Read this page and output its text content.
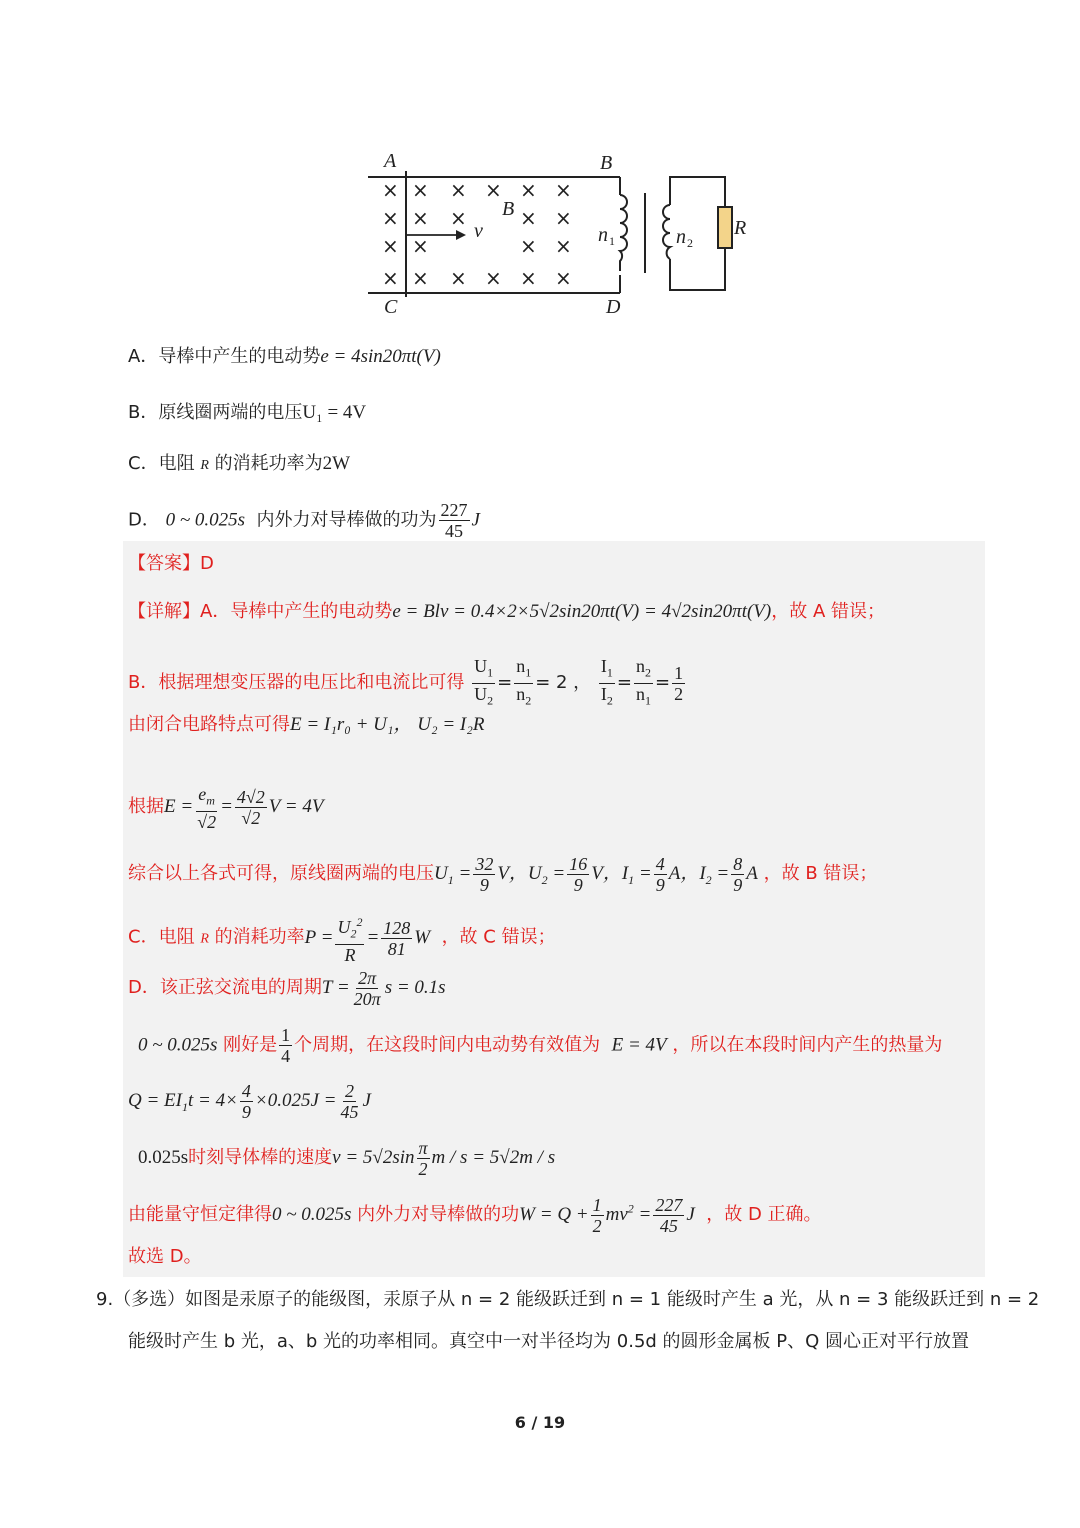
A	B
C	D
B
v	n	n R
1	2
× × × × × ×
× × ×	× ×
× ×	× ×
× × × × × ×
A．导棒中产生的电动势e = 4sin20πt(V)
B．原线圈两端的电压U₁ = 4V
C．电阻 R 的消耗功率为2W
D． 0 ~ 0.025s 内外力对导棒做的功为 $\frac{227}{45}$ J
【答案】D
【详解】A．导棒中产生的电动势e = Blv = 0.4×2×5√2sin20πt(V) = 4√2sin20πt(V)，故 A 错误；
B．根据理想变压器的电压比和电流比可得 $\frac{U_1}{U_2} = \frac{n_1}{n_2} = 2$ ， $\frac{I_1}{I_2} = \frac{n_2}{n_1} = \frac{1}{2}$
由闭合电路特点可得E = I₁r₀ + U₁， U₂ = I₂R
根据$E = \frac{e_m}{√2} = \frac{4√2}{√2}$ V = 4V
综合以上各式可得，原线圈两端的电压$U_1 = \frac{32}{9}$ V，$U_2 = \frac{16}{9}$ V，$I_1 = \frac{4}{9}$ A，$I_2 = \frac{8}{9}$ A ，故 B 错误；
C．电阻 R 的消耗功率$P = \frac{U_2^2}{R} = \frac{128}{81}$ W ，故 C 错误；
D．该正弦交流电的周期$T = \frac{2\pi}{20\pi}$ s = 0.1s
0 ~ 0.025s 刚好是 $\frac{1}{4}$ 个周期，在这段时间内电动势有效值为 E = 4V ，所以在本段时间内产生的热量为
$Q = EI_1t = 4\times \frac{4}{9} \times 0.025J = \frac{2}{45}$ J
0.025s时刻导体棒的速度$v = 5√2\sin \frac{\pi}{2}$ m / s = 5√2m / s
由能量守恒定律得0 ~ 0.025s 内外力对导棒做的功$W = Q + \frac{1}{2} mv^2 = \frac{227}{45}$ J ，故 D 正确。
故选 D。
9.（多选）如图是汞原子的能级图，汞原子从 n = 2 能级跃迁到 n = 1 能级时产生 a 光，从 n = 3 能级跃迁到 n = 2
能级时产生 b 光，a、b 光的功率相同。真空中一对半径均为 0.5d 的圆形金属板 P、Q 圆心正对平行放置
6 / 19
